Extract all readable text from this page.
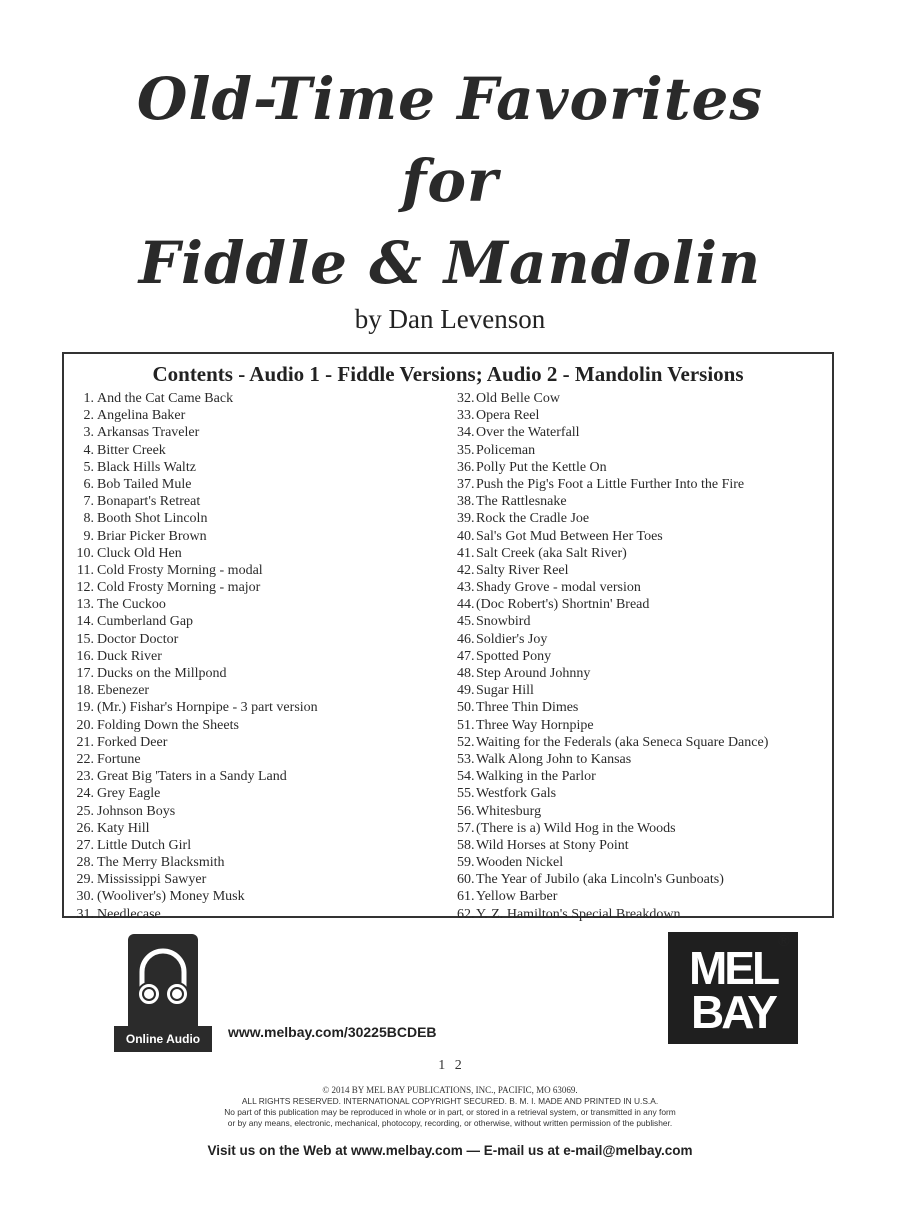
Old-Time Favorites
for
Fiddle & Mandolin
by Dan Levenson
Contents - Audio 1 - Fiddle Versions; Audio 2 - Mandolin Versions
1. And the Cat Came Back
2. Angelina Baker
3. Arkansas Traveler
4. Bitter Creek
5. Black Hills Waltz
6. Bob Tailed Mule
7. Bonapart's Retreat
8. Booth Shot Lincoln
9. Briar Picker Brown
10. Cluck Old Hen
11. Cold Frosty Morning - modal
12. Cold Frosty Morning - major
13. The Cuckoo
14. Cumberland Gap
15. Doctor Doctor
16. Duck River
17. Ducks on the Millpond
18. Ebenezer
19. (Mr.) Fishar's Hornpipe - 3 part version
20. Folding Down the Sheets
21. Forked Deer
22. Fortune
23. Great Big 'Taters in a Sandy Land
24. Grey Eagle
25. Johnson Boys
26. Katy Hill
27. Little Dutch Girl
28. The Merry Blacksmith
29. Mississippi Sawyer
30. (Wooliver's) Money Musk
31. Needlecase
32. Old Belle Cow
33. Opera Reel
34. Over the Waterfall
35. Policeman
36. Polly Put the Kettle On
37. Push the Pig's Foot a Little Further Into the Fire
38. The Rattlesnake
39. Rock the Cradle Joe
40. Sal's Got Mud Between Her Toes
41. Salt Creek (aka Salt River)
42. Salty River Reel
43. Shady Grove - modal version
44. (Doc Robert's) Shortnin' Bread
45. Snowbird
46. Soldier's Joy
47. Spotted Pony
48. Step Around Johnny
49. Sugar Hill
50. Three Thin Dimes
51. Three Way Hornpipe
52. Waiting for the Federals (aka Seneca Square Dance)
53. Walk Along John to Kansas
54. Walking in the Parlor
55. Westfork Gals
56. Whitesburg
57. (There is a) Wild Hog in the Woods
58. Wild Horses at Stony Point
59. Wooden Nickel
60. The Year of Jubilo (aka Lincoln's Gunboats)
61. Yellow Barber
62. Y. Z. Hamilton's Special Breakdown
Online Audio	www.melbay.com/30225BCDEB
MEL
BAY
®
1 2
© 2014 BY MEL BAY PUBLICATIONS, INC., PACIFIC, MO 63069.
ALL RIGHTS RESERVED. INTERNATIONAL COPYRIGHT SECURED. B. M. I. MADE AND PRINTED IN U.S.A.
No part of this publication may be reproduced in whole or in part, or stored in a retrieval system, or transmitted in any form
or by any means, electronic, mechanical, photocopy, recording, or otherwise, without written permission of the publisher.
Visit us on the Web at www.melbay.com — E-mail us at e-mail@melbay.com
